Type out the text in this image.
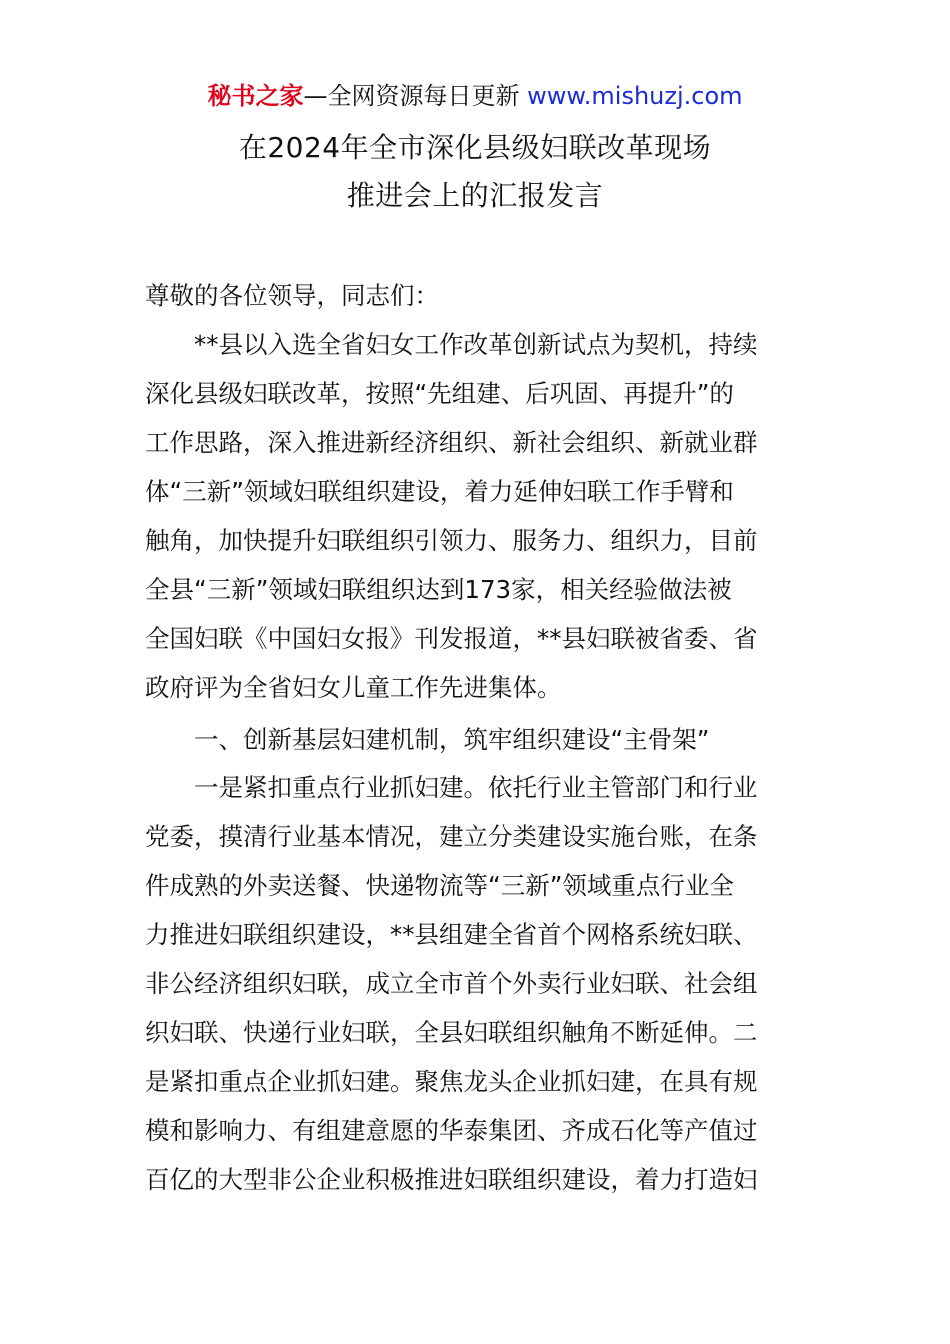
秘书之家—全网资源每日更新 www.mishuzj.com
在2024年全市深化县级妇联改革现场
推进会上的汇报发言
尊敬的各位领导，同志们：
**县以入选全省妇女工作改革创新试点为契机，持续
深化县级妇联改革，按照“先组建、后巩固、再提升”的
工作思路，深入推进新经济组织、新社会组织、新就业群
体“三新”领域妇联组织建设，着力延伸妇联工作手臂和
触角，加快提升妇联组织引领力、服务力、组织力，目前
全县“三新”领域妇联组织达到173家，相关经验做法被
全国妇联《中国妇女报》刊发报道，**县妇联被省委、省
政府评为全省妇女儿童工作先进集体。
一、创新基层妇建机制，筑牢组织建设“主骨架”
一是紧扣重点行业抓妇建。依托行业主管部门和行业
党委，摸清行业基本情况，建立分类建设实施台账，在条
件成熟的外卖送餐、快递物流等“三新”领域重点行业全
力推进妇联组织建设，**县组建全省首个网格系统妇联、
非公经济组织妇联，成立全市首个外卖行业妇联、社会组
织妇联、快递行业妇联，全县妇联组织触角不断延伸。二
是紧扣重点企业抓妇建。聚焦龙头企业抓妇建，在具有规
模和影响力、有组建意愿的华泰集团、齐成石化等产值过
百亿的大型非公企业积极推进妇联组织建设，着力打造妇
